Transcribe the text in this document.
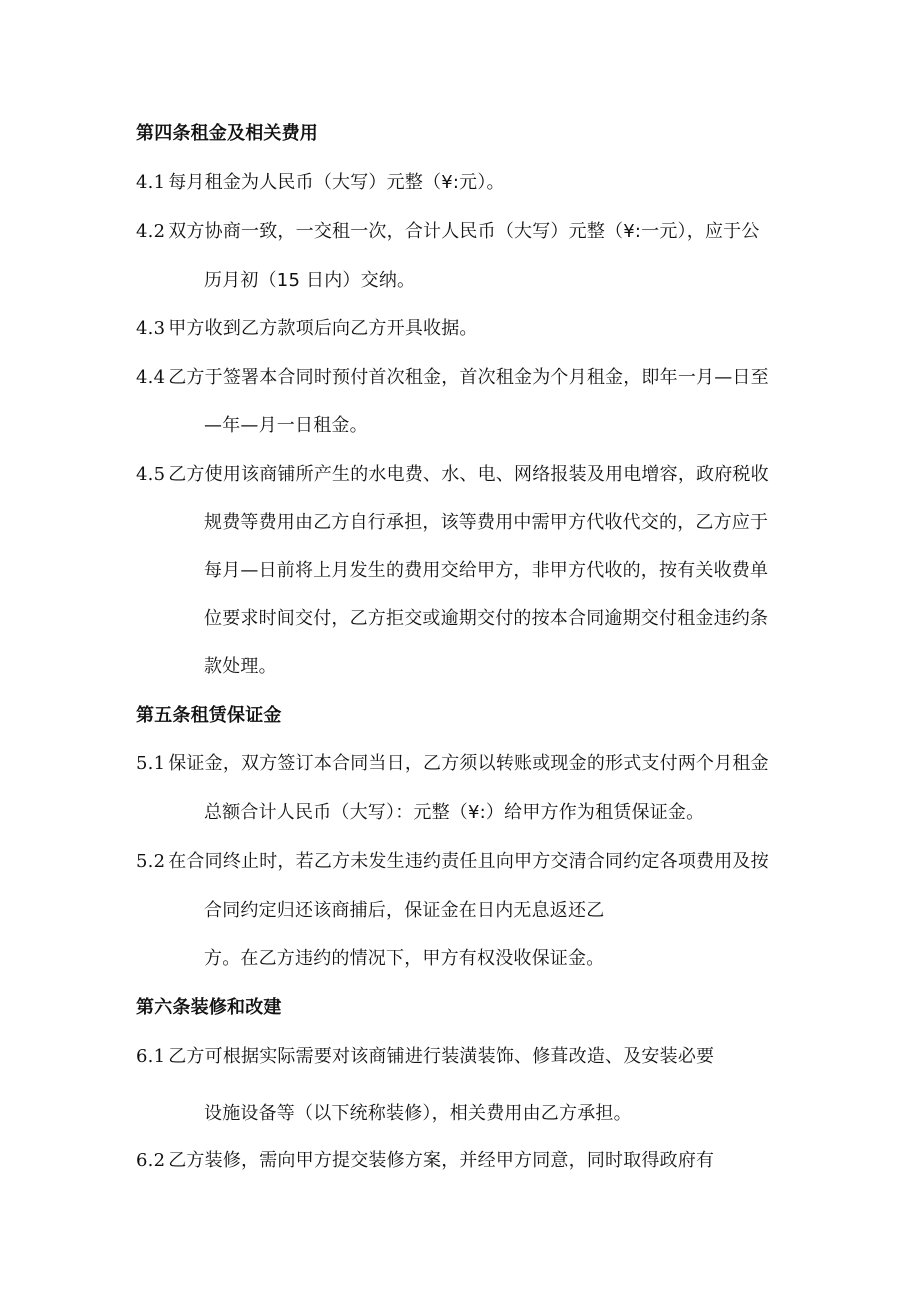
第四条租金及相关费用
4.1 每月租金为人民币（大写）元整（¥:元）。
4.2 双方协商一致，一交租一次，合计人民币（大写）元整（¥:一元），应于公
历月初（15 日内）交纳。
4.3 甲方收到乙方款项后向乙方开具收据。
4.4 乙方于签署本合同时预付首次租金，首次租金为个月租金，即年一月—日至
—年—月一日租金。
4.5 乙方使用该商铺所产生的水电费、水、电、网络报装及用电增容，政府税收
规费等费用由乙方自行承担，该等费用中需甲方代收代交的，乙方应于
每月—日前将上月发生的费用交给甲方，非甲方代收的，按有关收费单
位要求时间交付，乙方拒交或逾期交付的按本合同逾期交付租金违约条
款处理。
第五条租赁保证金
5.1 保证金，双方签订本合同当日，乙方须以转账或现金的形式支付两个月租金
总额合计人民币（大写）：元整（¥:）给甲方作为租赁保证金。
5.2 在合同终止时，若乙方未发生违约责任且向甲方交清合同约定各项费用及按
合同约定归还该商捕后，保证金在日内无息返还乙
方。在乙方违约的情况下，甲方有权没收保证金。
第六条装修和改建
6.1 乙方可根据实际需要对该商铺进行装潢装饰、修葺改造、及安装必要
设施设备等（以下统称装修），相关费用由乙方承担。
6.2 乙方装修，需向甲方提交装修方案，并经甲方同意，同时取得政府有
